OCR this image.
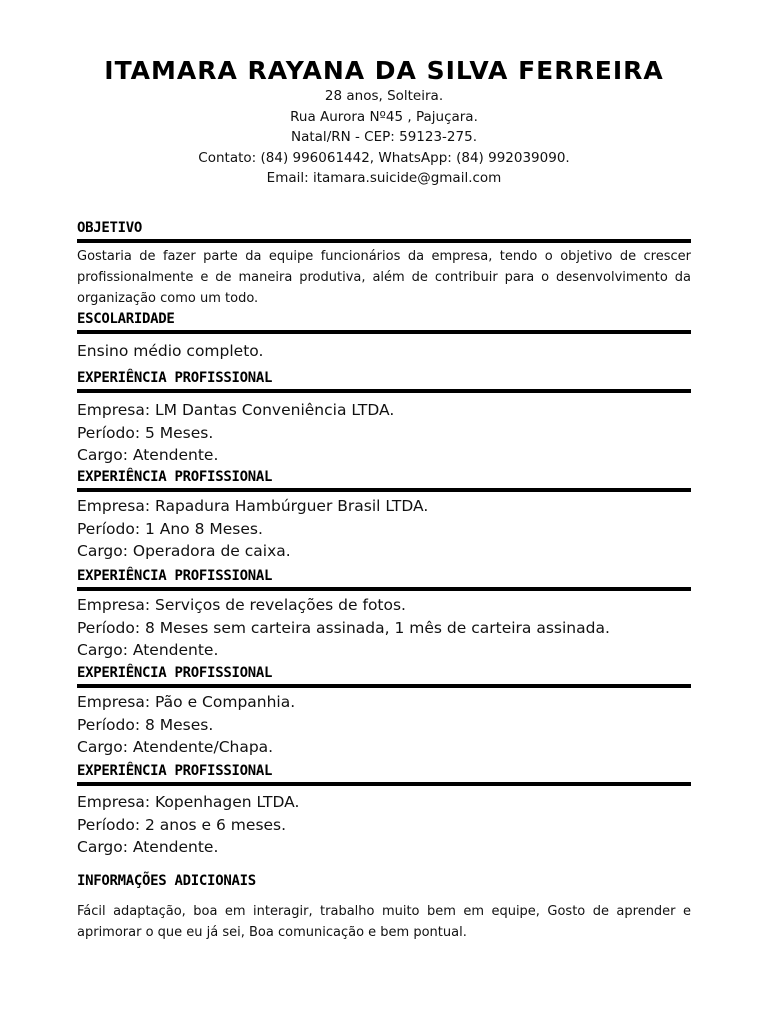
ITAMARA RAYANA DA SILVA FERREIRA
28 anos, Solteira.
Rua Aurora Nº45 , Pajuçara.
Natal/RN - CEP: 59123-275.
Contato: (84) 996061442, WhatsApp: (84) 992039090.
Email: itamara.suicide@gmail.com
OBJETIVO
Gostaria de fazer parte da equipe funcionários da empresa, tendo o objetivo de crescer profissionalmente e de maneira produtiva, além de contribuir para o desenvolvimento da organização como um todo.
ESCOLARIDADE
Ensino médio completo.
EXPERIÊNCIA PROFISSIONAL
Empresa: LM Dantas Conveniência LTDA.
Período: 5 Meses.
Cargo: Atendente.
EXPERIÊNCIA PROFISSIONAL
Empresa: Rapadura Hambúrguer Brasil LTDA.
Período: 1 Ano 8 Meses.
Cargo: Operadora de caixa.
EXPERIÊNCIA PROFISSIONAL
Empresa: Serviços de revelações de fotos.
Período: 8 Meses sem carteira assinada, 1 mês de carteira assinada.
Cargo: Atendente.
EXPERIÊNCIA PROFISSIONAL
Empresa: Pão e Companhia.
Período: 8 Meses.
Cargo: Atendente/Chapa.
EXPERIÊNCIA PROFISSIONAL
Empresa: Kopenhagen LTDA.
Período: 2 anos e 6 meses.
Cargo: Atendente.
INFORMAÇÕES ADICIONAIS
Fácil adaptação, boa em interagir, trabalho muito bem em equipe, Gosto de aprender e aprimorar o que eu já sei, Boa comunicação e bem pontual.
